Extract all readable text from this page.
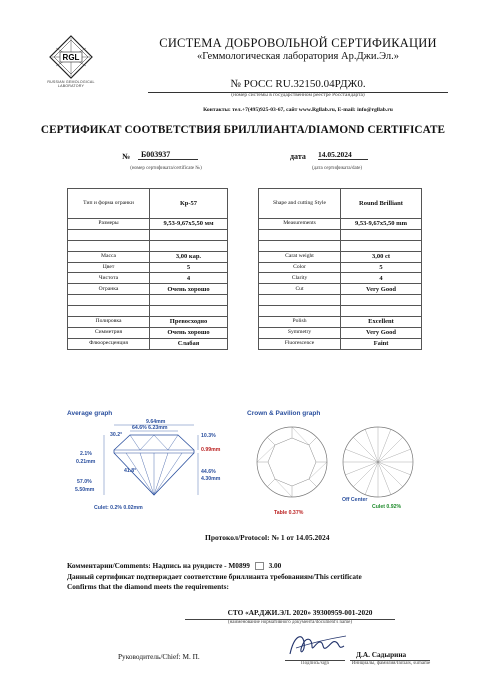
RGL
RUSSIAN GEMOLOGICAL
LABORATORY
СИСТЕМА ДОБРОВОЛЬНОЙ СЕРТИФИКАЦИИ
«Геммологическая лаборатория Ар.Джи.Эл.»
№ РОСС RU.32150.04РДЖ0.
(номер системы в государственном реестре Росстандарта)
Контакты: тел.+7(495)925-03-67, сайт www.Rgllab.ru, E-mail: info@rgllab.ru
СЕРТИФИКАТ СООТВЕТСТВИЯ БРИЛЛИАНТА/DIAMOND CERTIFICATE
№	Б003937
(номер сертификата/certificate №)
дата 14.05.2024
(дата сертификата/date)
Тип и форма огранки	Кр-57
Размеры	9,53-9,67х5,50 мм

Масса	3,00 кар.
Цвет	5
Чистота	4
Огранка	Очень хорошо

Полировка	Превосходно
Симметрия	Очень хорошо
Флюоресценция	Слабая
Shape and cutting Style	Round Brilliant
Measurements	9,53-9,67x5,50 mm

Carat weight	3,00 ct
Color	5
Clarity	4
Cut	Very Good

Polish	Excellent
Symmetry	Very Good
Fluorescence	Faint
Average graph
9.64mm
64.6% 6.23mm
30.2°	10.3%
0.99mm
2.1%
0.21mm
41.8°	44.6%
4.30mm
57.0%
5.50mm
Culet: 0.2% 0.02mm
Crown & Pavilion graph
Table 0.37%
Off Center
Culet 0.92%
Протокол/Protocol: № 1 от 14.05.2024
Комментарии/Comments: Надпись на рундисте - М0899	3.00
Данный сертификат подтверждает соответствие бриллианта требованиям/This certificate
Confirms that the diamond meets the requirements:
СТО «АР.ДЖИ.ЭЛ. 2020» 39300959-001-2020
(наименование нормативного документа/document's name)
Руководитель/Chief: М. П.
Подпись/sign
Д.А. Садырина
Инициалы, фамилия/Initials, surname
